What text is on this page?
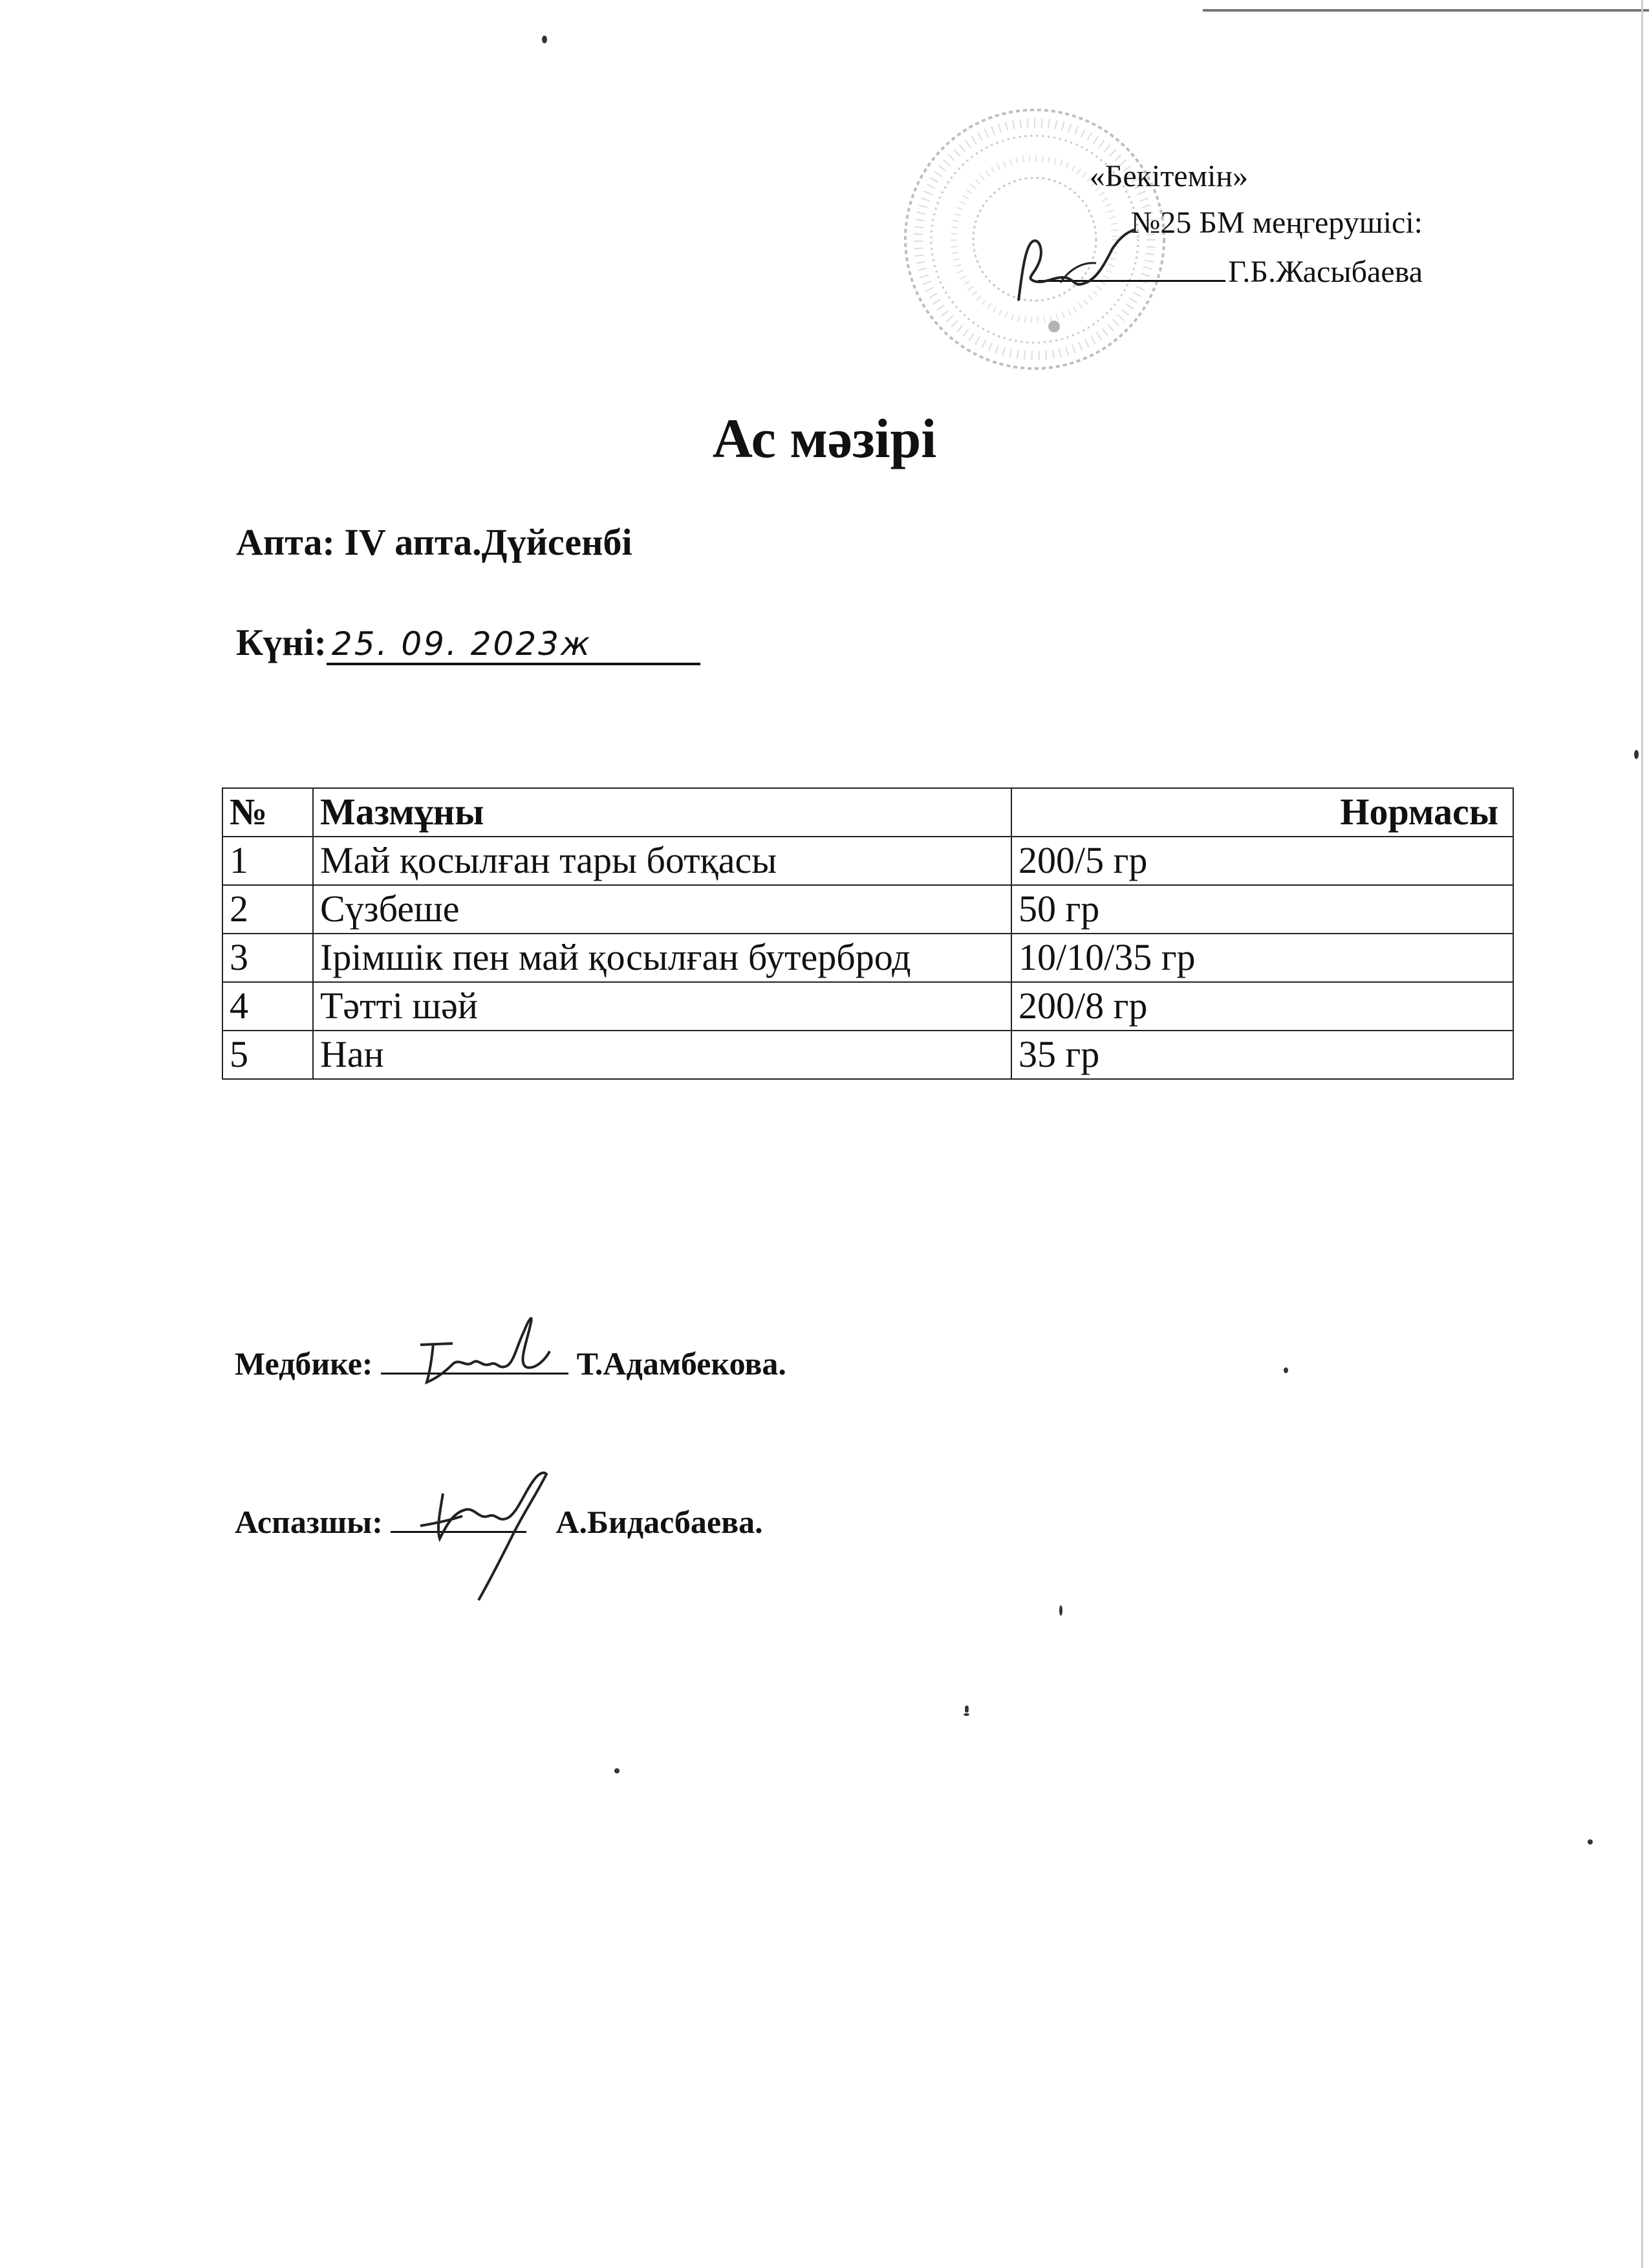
«Бекітемін»
№25 БМ меңгерушісі:
Г.Б.Жасыбаева
Ас мәзірі
Апта: IV апта.Дүйсенбі
Күні: 25. 09. 2023ж
№	Мазмұны	Нормасы
1	Май қосылған тары ботқасы	200/5 гр
2	Сүзбеше	50 гр
3	Ірімшік пен май қосылған бутерброд	10/10/35 гр
4	Тәтті шәй	200/8 гр
5	Нан	35 гр
Медбике:	Т.Адамбекова.
Аспазшы:	А.Бидасбаева.
